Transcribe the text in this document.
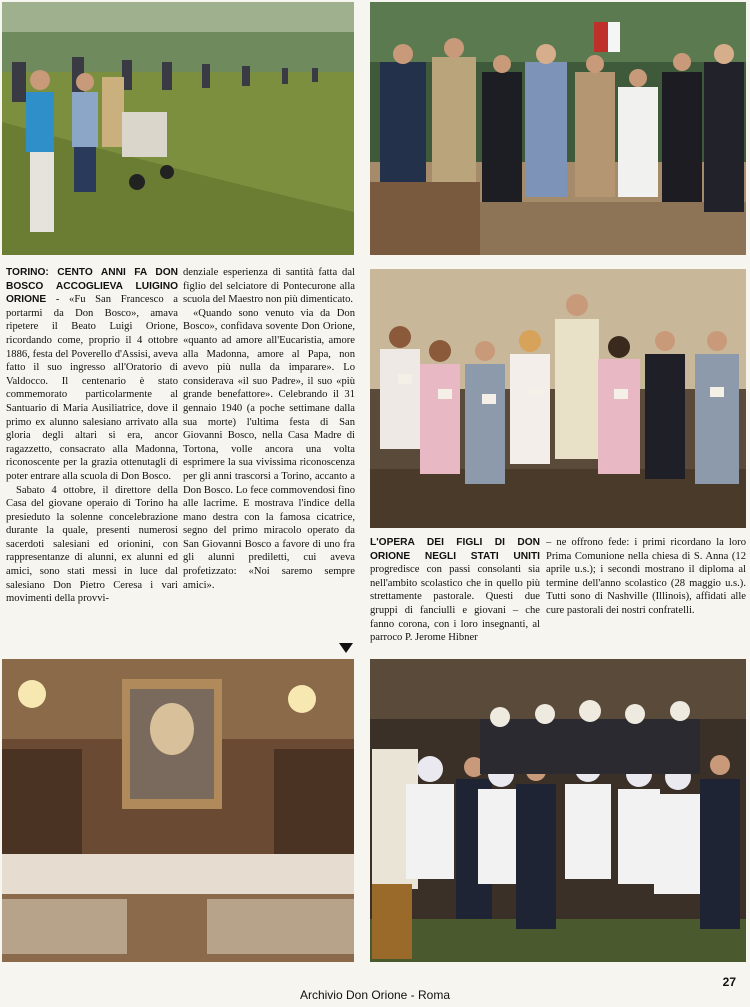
TORINO: CENTO ANNI FA DON BOSCO ACCOGLIEVA LUIGINO ORIONE - «Fu San Francesco a portarmi da Don Bosco», amava ripetere il Beato Luigi Orione, ricordando come, proprio il 4 ottobre 1886, festa del Poverello d'Assisi, aveva fatto il suo ingresso all'Oratorio di Valdocco. Il centenario è stato commemorato particolarmente al Santuario di Maria Ausiliatrice, dove il primo ex alunno salesiano arrivato alla gloria degli altari si era, ancor ragazzetto, consacrato alla Madonna, riconoscente per la grazia ottenutagli di poter entrare alla scuola di Don Bosco.

Sabato 4 ottobre, il direttore della Casa del giovane operaio di Torino ha presieduto la solenne concelebrazione durante la quale, presenti numerosi sacerdoti salesiani ed orionini, con rappresentanze di alunni, ex alunni ed amici, sono stati messi in luce dal salesiano Don Pietro Ceresa i vari movimenti della provvi-

denziale esperienza di santità fatta dal figlio del selciatore di Pontecurone alla scuola del Maestro non più dimenticato.

«Quando sono venuto via da Don Bosco», confidava sovente Don Orione, «quanto ad amore all'Eucaristia, amore alla Madonna, amore al Papa, non avevo più nulla da imparare». Lo considerava «il suo Padre», il suo «più grande benefattore». Celebrando il 31 gennaio 1940 (a poche settimane dalla sua morte) l'ultima festa di San Giovanni Bosco, nella Casa Madre di Tortona, volle ancora una volta esprimere la sua vivissima riconoscenza per gli anni trascorsi a Torino, accanto a Don Bosco. Lo fece commovendosi fino alle lacrime. E mostrava l'indice della mano destra con la famosa cicatrice, segno del primo miracolo operato da San Giovanni Bosco a favore di uno fra gli alunni prediletti, cui aveva profetizzato: «Noi saremo sempre amici».

L'OPERA DEI FIGLI DI DON ORIONE NEGLI STATI UNITI progredisce con passi consolanti sia nell'ambito scolastico che in quello più strettamente pastorale. Questi due gruppi di fanciulli e giovani – che fanno corona, con i loro insegnanti, al parroco P. Jerome Hibner

– ne offrono fede: i primi ricordano la loro Prima Comunione nella chiesa di S. Anna (12 aprile u.s.); i secondi mostrano il diploma al termine dell'anno scolastico (28 maggio u.s.). Tutti sono di Nashville (Illinois), affidati alle cure pastorali dei nostri confratelli.

27
Archivio Don Orione - Roma
